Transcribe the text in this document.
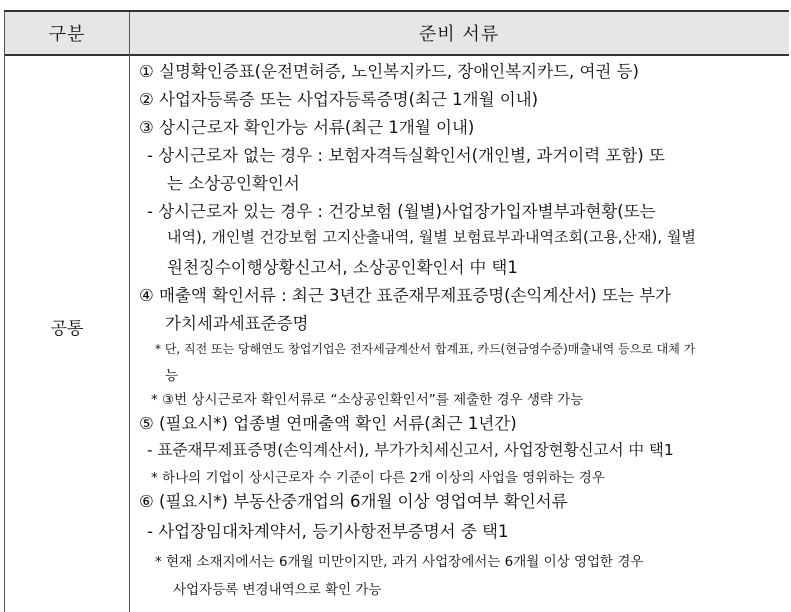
구분	준비 서류
공통
① 실명확인증표(운전면허증, 노인복지카드, 장애인복지카드, 여권 등)
② 사업자등록증 또는 사업자등록증명(최근 1개월 이내)
③ 상시근로자 확인가능 서류(최근 1개월 이내)
- 상시근로자 없는 경우 : 보험자격득실확인서(개인별, 과거이력 포함) 또
는 소상공인확인서
- 상시근로자 있는 경우 : 건강보험 (월별)사업장가입자별부과현황(또는
내역), 개인별 건강보험 고지산출내역, 월별 보험료부과내역조회(고용,산재), 월별
원천징수이행상황신고서, 소상공인확인서 中 택1
④ 매출액 확인서류 : 최근 3년간 표준재무제표증명(손익계산서) 또는 부가
가치세과세표준증명
* 단, 직전 또는 당해연도 창업기업은 전자세금계산서 합계표, 카드(현금영수증)매출내역 등으로 대체 가
능
* ③번 상시근로자 확인서류로 “소상공인확인서”를 제출한 경우 생략 가능
⑤ (필요시*) 업종별 연매출액 확인 서류(최근 1년간)
- 표준재무제표증명(손익계산서), 부가가치세신고서, 사업장현황신고서 中 택1
* 하나의 기업이 상시근로자 수 기준이 다른 2개 이상의 사업을 영위하는 경우
⑥ (필요시*) 부동산중개업의 6개월 이상 영업여부 확인서류
- 사업장임대차계약서, 등기사항전부증명서 중 택1
* 현재 소재지에서는 6개월 미만이지만, 과거 사업장에서는 6개월 이상 영업한 경우
사업자등록 변경내역으로 확인 가능
